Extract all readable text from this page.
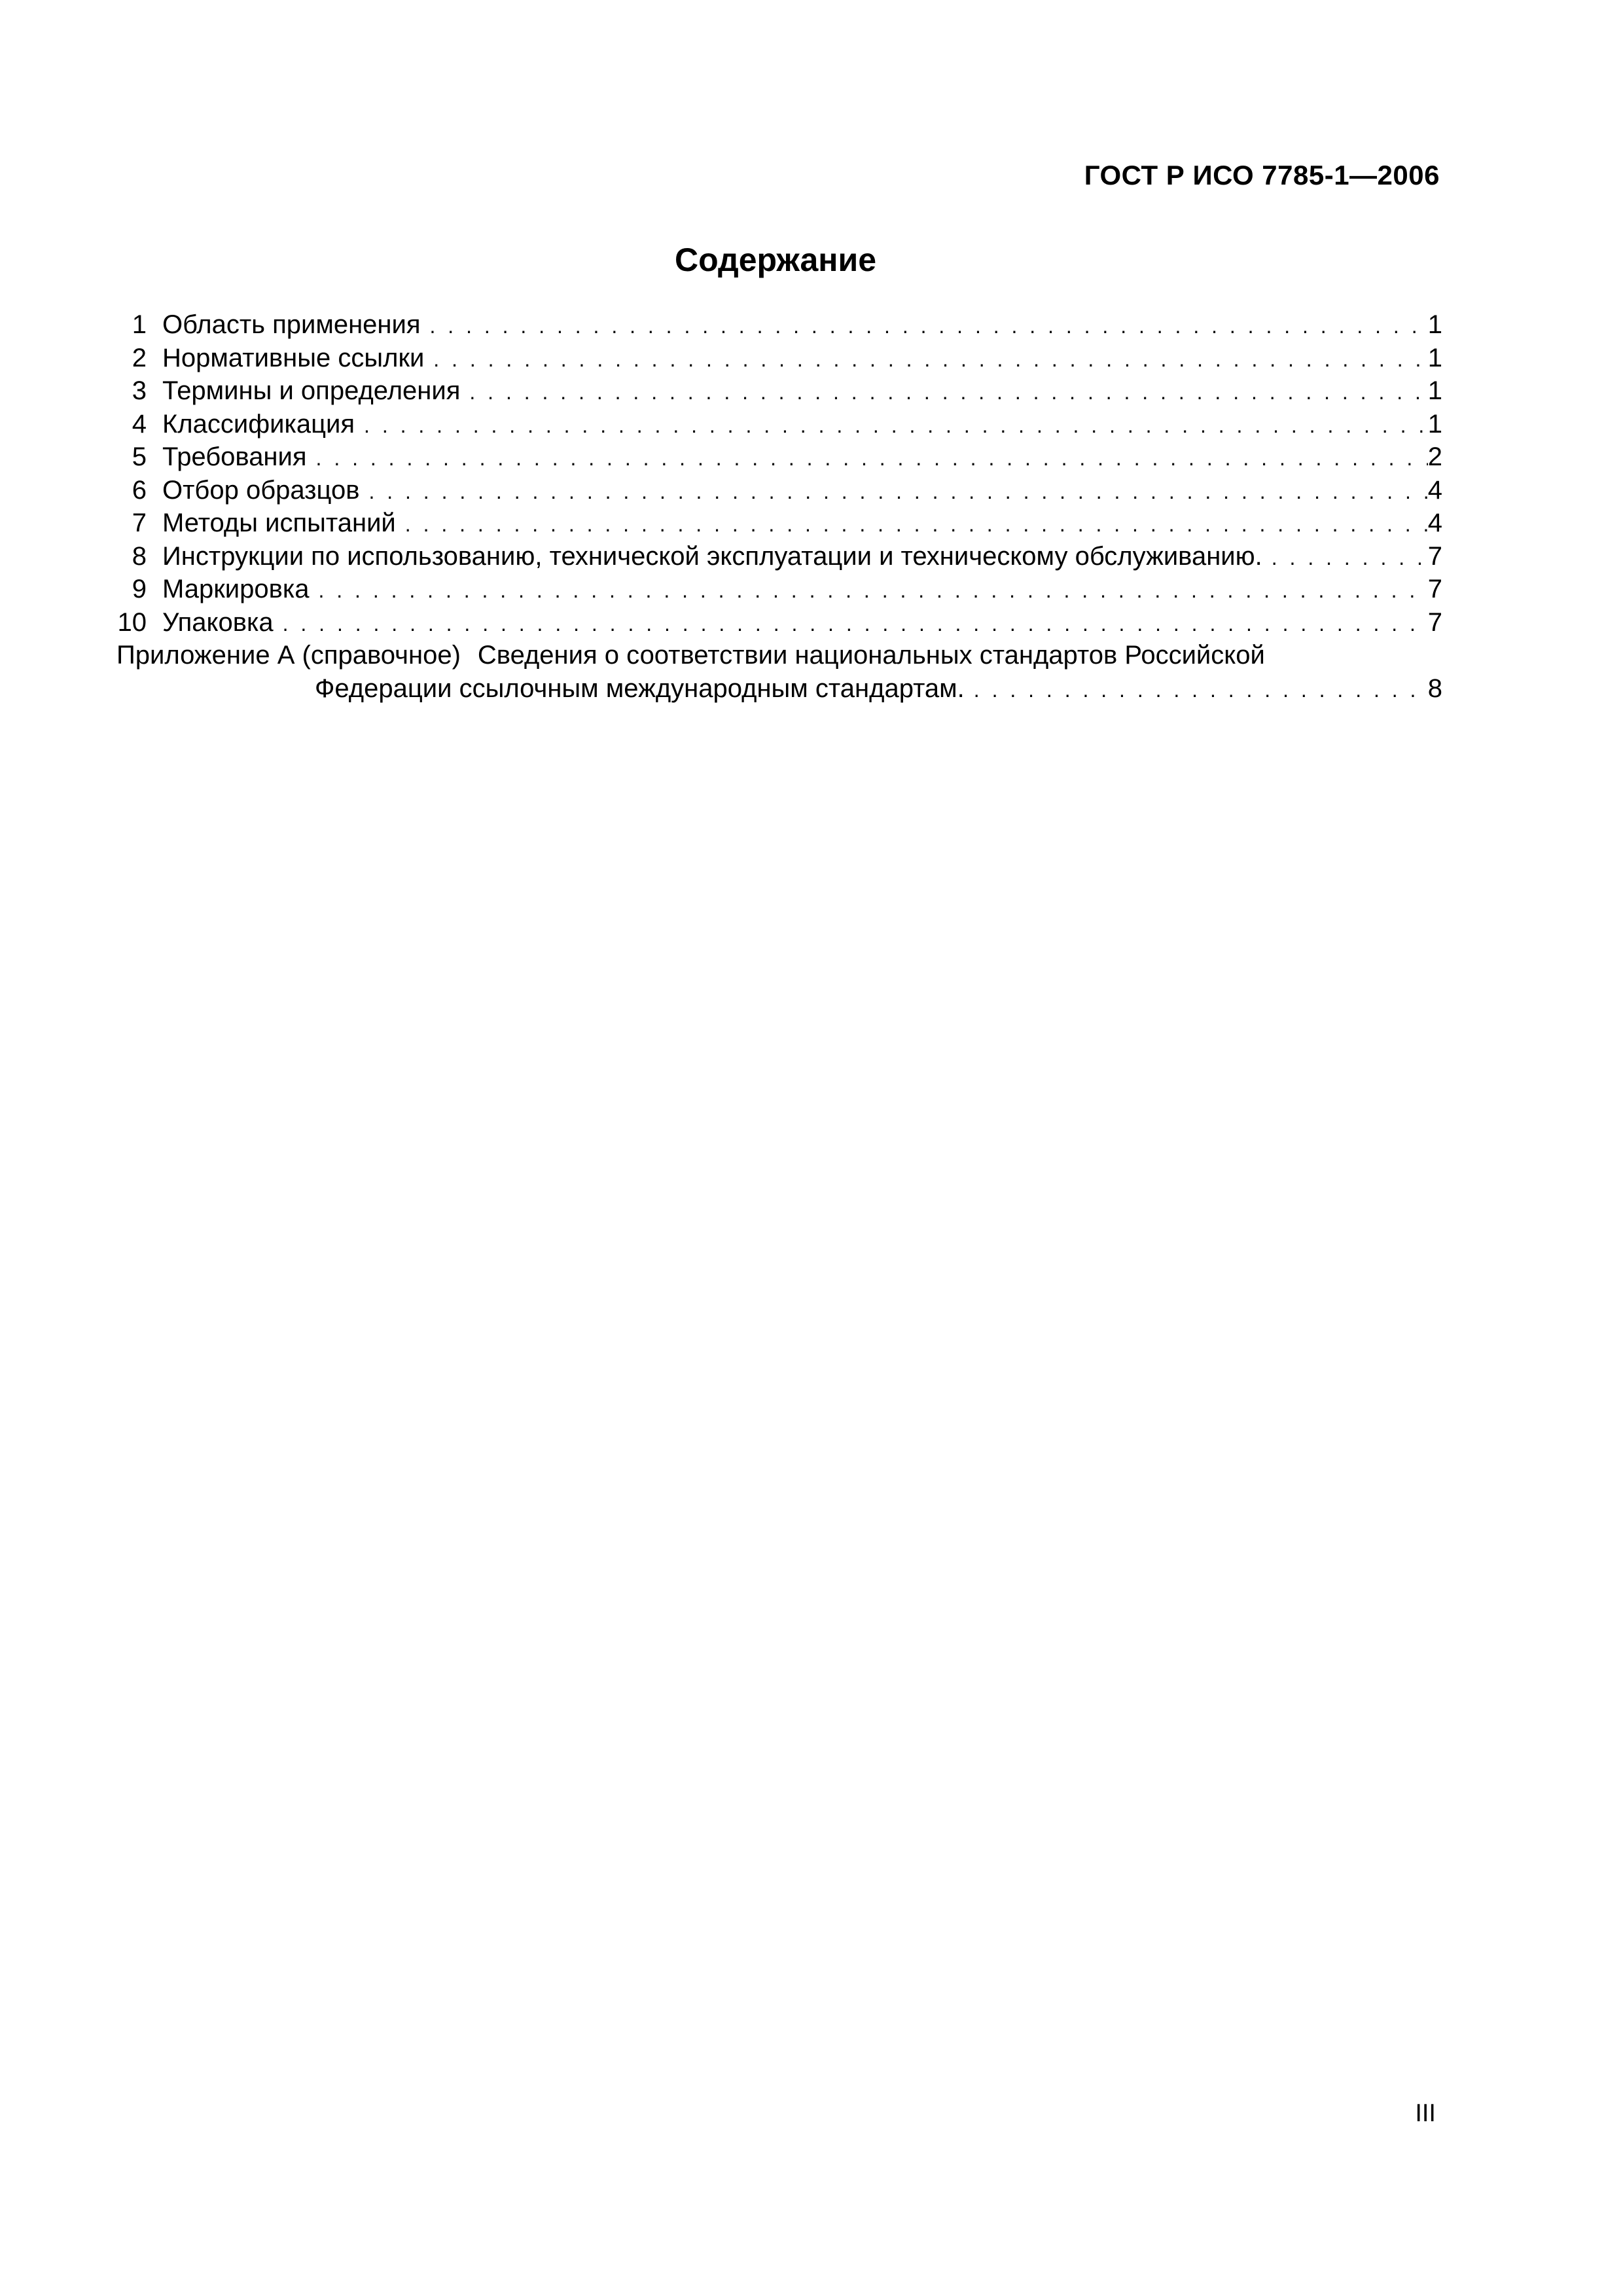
ГОСТ Р ИСО 7785-1—2006
Содержание
1 Область применения . . .	1
2 Нормативные ссылки . . .	1
3 Термины и определения . . .	1
4 Классификация . . .	1
5 Требования . . .	2
6 Отбор образцов . . .	4
7 Методы испытаний . . .	4
8 Инструкции по использованию, технической эксплуатации и техническому обслуживанию. . . .	7
9 Маркировка . . .	7
10 Упаковка . . .	7
Приложение А (справочное) Сведения о соответствии национальных стандартов Российской
Федерации ссылочным международным стандартам. . . .	8
III
